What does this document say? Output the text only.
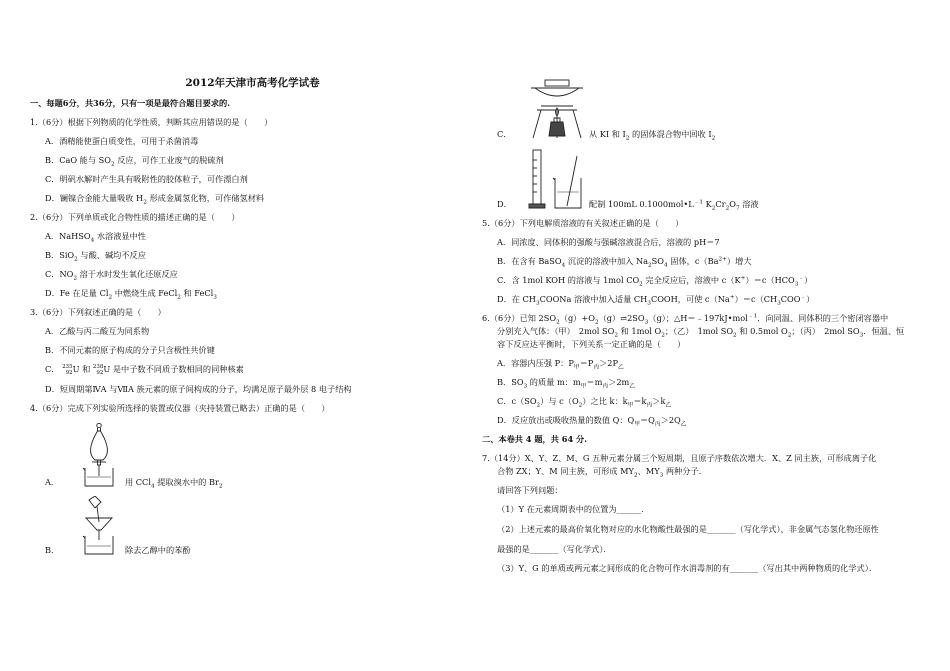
2012年天津市高考化学试卷
一、每题6分，共36分，只有一项是最符合题目要求的.
1.（6分）根据下列物质的化学性质，判断其应用错误的是（　　）
A．酒精能使蛋白质变性，可用于杀菌消毒
B．CaO 能与 $SO_2$ 反应，可作工业废气的脱硫剂
C．明矾水解时产生具有吸附性的胶体粒子，可作漂白剂
D．镧镍合金能大量吸收 $H_2$ 形成金属氢化物，可作储氢材料
2.（6分）下列单质或化合物性质的描述正确的是（　　）
A．NaHSO$_4$ 水溶液显中性
B．SiO$_2$ 与酸、碱均不反应
C．$NO_2$ 溶于水时发生氧化还原反应
D．Fe 在足量 $Cl_2$ 中燃烧生成 FeCl$_2$ 和 FeCl$_3$
3.（6分）下列叙述正确的是（　　）
A．乙酸与丙二酸互为同系物
B．不同元素的原子构成的分子只含极性共价键
C． 235
92 U 和 238
92 U 是中子数不同质子数相同的同种核素
D．短周期第ⅣA 与ⅦA 族元素的原子间构成的分子，均满足原子最外层 8 电子结构
4.（6分）完成下列实验所选择的装置或仪器（夹持装置已略去）正确的是（　　）
A．	用 CCl$_4$ 提取溴水中的 $Br_2$
B．	除去乙醇中的苯酚
C．	从 KI 和 $I_2$ 的固体混合物中回收 $I_2$
D．	配制 100mL $0.1000mol•L^{﹣1}$ $K_2Cr_2O_7$ 溶液
5.（6分）下列电解质溶液的有关叙述正确的是（　　）
A．同浓度、同体积的强酸与强碱溶液混合后，溶液的 pH＝7
B．在含有 BaSO$_4$ 沉淀的溶液中加入 $Na_2SO_4$ 固体，$c(Ba^{2+})$增大
C．含 1mol KOH 的溶液与 1mol $CO_2$ 完全反应后，溶液中 $c(K^+)=c(HCO_3^﹣)$
D．在 $CH_3COONa$ 溶液中加入适量 $CH_3COOH$，可使 $c(Na^+)=c(CH_3COO^﹣)$
6.（6分）已知 $2SO_2(g)+O_2(g)\rightleftharpoons 2SO_3(g)$；△H＝﹣197kJ•mol$^{﹣1}$．向同温、同体积的三个密闭容器中
分别充入气体：（甲）　2mol $SO_2$ 和 1mol $O_2$；（乙）　1mol $SO_2$ 和 0.5mol $O_2$；（丙）　2mol $SO_3$．恒温、恒
容下反应达平衡时，下列关系一定正确的是（　　）
A．容器内压强 P：$P_甲=P_丙>2P_乙$
B．$SO_3$ 的质量 m：$m_甲=m_丙>2m_乙$
C．$c(SO_2)$与 $c(O_2)$之比 k：$k_甲=k_丙>k_乙$
D．反应放出或吸收热量的数值 Q：$Q_甲=Q_丙>2Q_乙$
二、本卷共 4 题，共 64 分.
7.（14分）X、Y、Z、M、G 五种元素分属三个短周期，且原子序数依次增大．X、Z 同主族，可形成离子化
合物 ZX；Y、M 同主族，可形成 $MY_2$、$MY_3$ 两种分子．
请回答下列问题：
（1）Y 在元素周期表中的位置为______．
（2）上述元素的最高价氧化物对应的水化物酸性最强的是_______（写化学式），非金属气态氢化物还原性
最强的是_______（写化学式）．
（3）Y、G 的单质或两元素之间形成的化合物可作水消毒剂的有_______（写出其中两种物质的化学式）．
